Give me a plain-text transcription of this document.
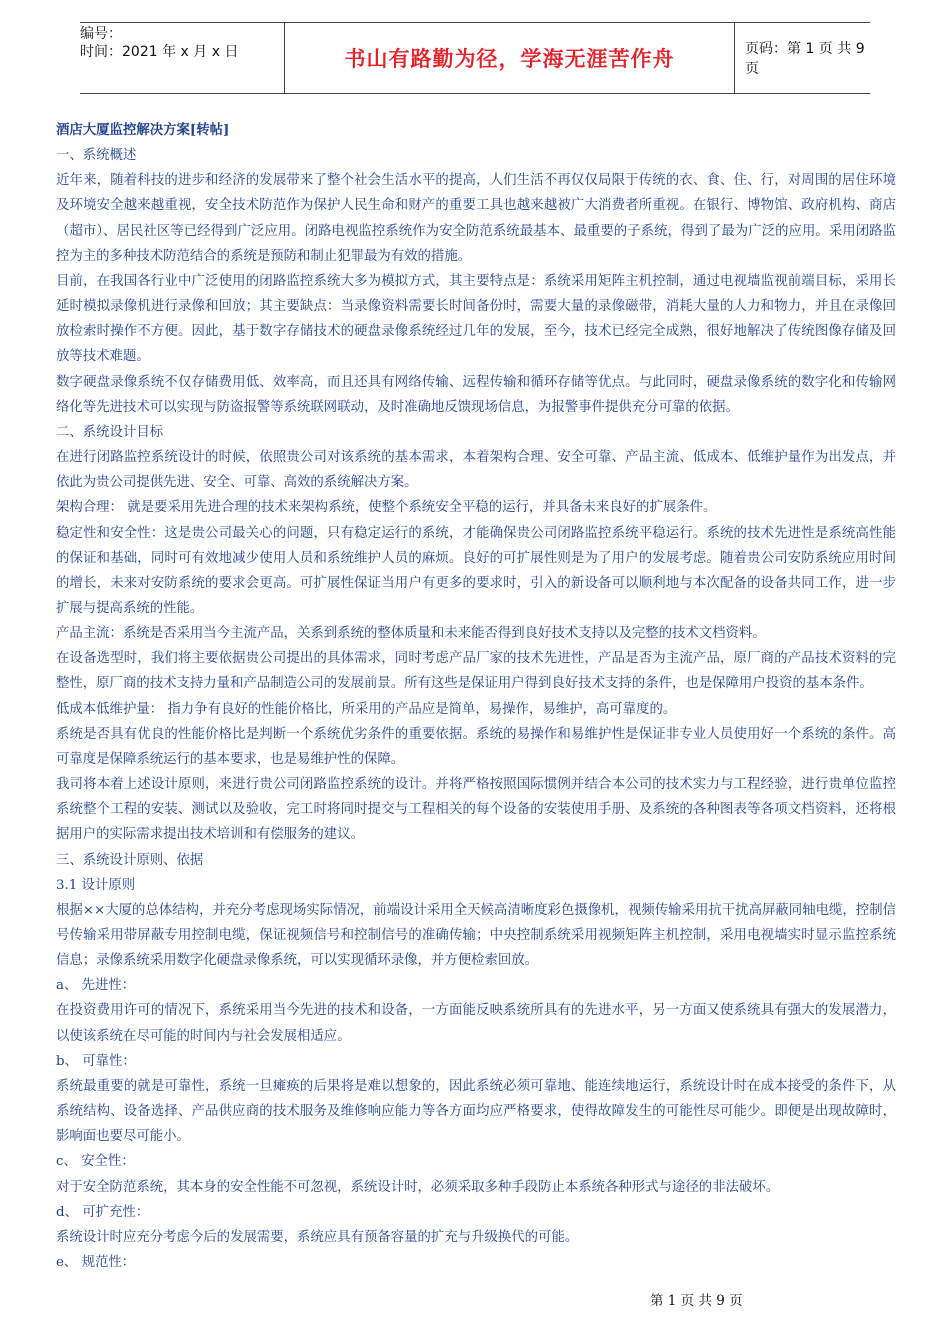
编号：
时间：2021 年 x 月 x 日	书山有路勤为径，学海无涯苦作舟	页码：第 1 页 共 9 页

酒店大厦监控解决方案[转帖]

一、系统概述

近年来，随着科技的进步和经济的发展带来了整个社会生活水平的提高，人们生活不再仅仅局限于传统的衣、食、住、行，对周围的居住环境及环境安全越来越重视，安全技术防范作为保护人民生命和财产的重要工具也越来越被广大消费者所重视。在银行、博物馆、政府机构、商店（超市）、居民社区等已经得到广泛应用。闭路电视监控系统作为安全防范系统最基本、最重要的子系统，得到了最为广泛的应用。采用闭路监控为主的多种技术防范结合的系统是预防和制止犯罪最为有效的措施。

目前，在我国各行业中广泛使用的闭路监控系统大多为模拟方式，其主要特点是：系统采用矩阵主机控制，通过电视墙监视前端目标，采用长延时模拟录像机进行录像和回放；其主要缺点：当录像资料需要长时间备份时，需要大量的录像磁带，消耗大量的人力和物力，并且在录像回放检索时操作不方便。因此，基于数字存储技术的硬盘录像系统经过几年的发展，至今，技术已经完全成熟，很好地解决了传统图像存储及回放等技术难题。

数字硬盘录像系统不仅存储费用低、效率高，而且还具有网络传输、远程传输和循环存储等优点。与此同时，硬盘录像系统的数字化和传输网络化等先进技术可以实现与防盗报警等系统联网联动，及时准确地反馈现场信息，为报警事件提供充分可靠的依据。

二、系统设计目标

在进行闭路监控系统设计的时候，依照贵公司对该系统的基本需求，本着架构合理、安全可靠、产品主流、低成本、低维护量作为出发点，并依此为贵公司提供先进、安全、可靠、高效的系统解决方案。

架构合理： 就是要采用先进合理的技术来架构系统，使整个系统安全平稳的运行，并具备未来良好的扩展条件。

稳定性和安全性：这是贵公司最关心的问题，只有稳定运行的系统，才能确保贵公司闭路监控系统平稳运行。系统的技术先进性是系统高性能的保证和基础，同时可有效地减少使用人员和系统维护人员的麻烦。良好的可扩展性则是为了用户的发展考虑。随着贵公司安防系统应用时间的增长，未来对安防系统的要求会更高。可扩展性保证当用户有更多的要求时，引入的新设备可以顺利地与本次配备的设备共同工作，进一步扩展与提高系统的性能。

产品主流：系统是否采用当今主流产品，关系到系统的整体质量和未来能否得到良好技术支持以及完整的技术文档资料。

在设备选型时，我们将主要依据贵公司提出的具体需求，同时考虑产品厂家的技术先进性，产品是否为主流产品，原厂商的产品技术资料的完整性，原厂商的技术支持力量和产品制造公司的发展前景。所有这些是保证用户得到良好技术支持的条件，也是保障用户投资的基本条件。

低成本低维护量： 指力争有良好的性能价格比，所采用的产品应是简单，易操作，易维护，高可靠度的。

系统是否具有优良的性能价格比是判断一个系统优劣条件的重要依据。系统的易操作和易维护性是保证非专业人员使用好一个系统的条件。高可靠度是保障系统运行的基本要求，也是易维护性的保障。

我司将本着上述设计原则，来进行贵公司闭路监控系统的设计。并将严格按照国际惯例并结合本公司的技术实力与工程经验，进行贵单位监控系统整个工程的安装、测试以及验收，完工时将同时提交与工程相关的每个设备的安装使用手册、及系统的各种图表等各项文档资料，还将根据用户的实际需求提出技术培训和有偿服务的建议。

三、系统设计原则、依据

3.1 设计原则

根据××大厦的总体结构，并充分考虑现场实际情况，前端设计采用全天候高清晰度彩色摄像机，视频传输采用抗干扰高屏蔽同轴电缆，控制信号传输采用带屏蔽专用控制电缆，保证视频信号和控制信号的准确传输；中央控制系统采用视频矩阵主机控制，采用电视墙实时显示监控系统信息；录像系统采用数字化硬盘录像系统，可以实现循环录像，并方便检索回放。

a、 先进性：

在投资费用许可的情况下，系统采用当今先进的技术和设备，一方面能反映系统所具有的先进水平，另一方面又使系统具有强大的发展潜力，以使该系统在尽可能的时间内与社会发展相适应。

b、 可靠性：

系统最重要的就是可靠性，系统一旦瘫痪的后果将是难以想象的，因此系统必须可靠地、能连续地运行，系统设计时在成本接受的条件下，从系统结构、设备选择、产品供应商的技术服务及维修响应能力等各方面均应严格要求，使得故障发生的可能性尽可能少。即便是出现故障时，影响面也要尽可能小。

c、 安全性：

对于安全防范系统，其本身的安全性能不可忽视，系统设计时，必须采取多种手段防止本系统各种形式与途径的非法破坏。

d、 可扩充性：

系统设计时应充分考虑今后的发展需要，系统应具有预备容量的扩充与升级换代的可能。

e、 规范性：

第 1 页 共 9 页
